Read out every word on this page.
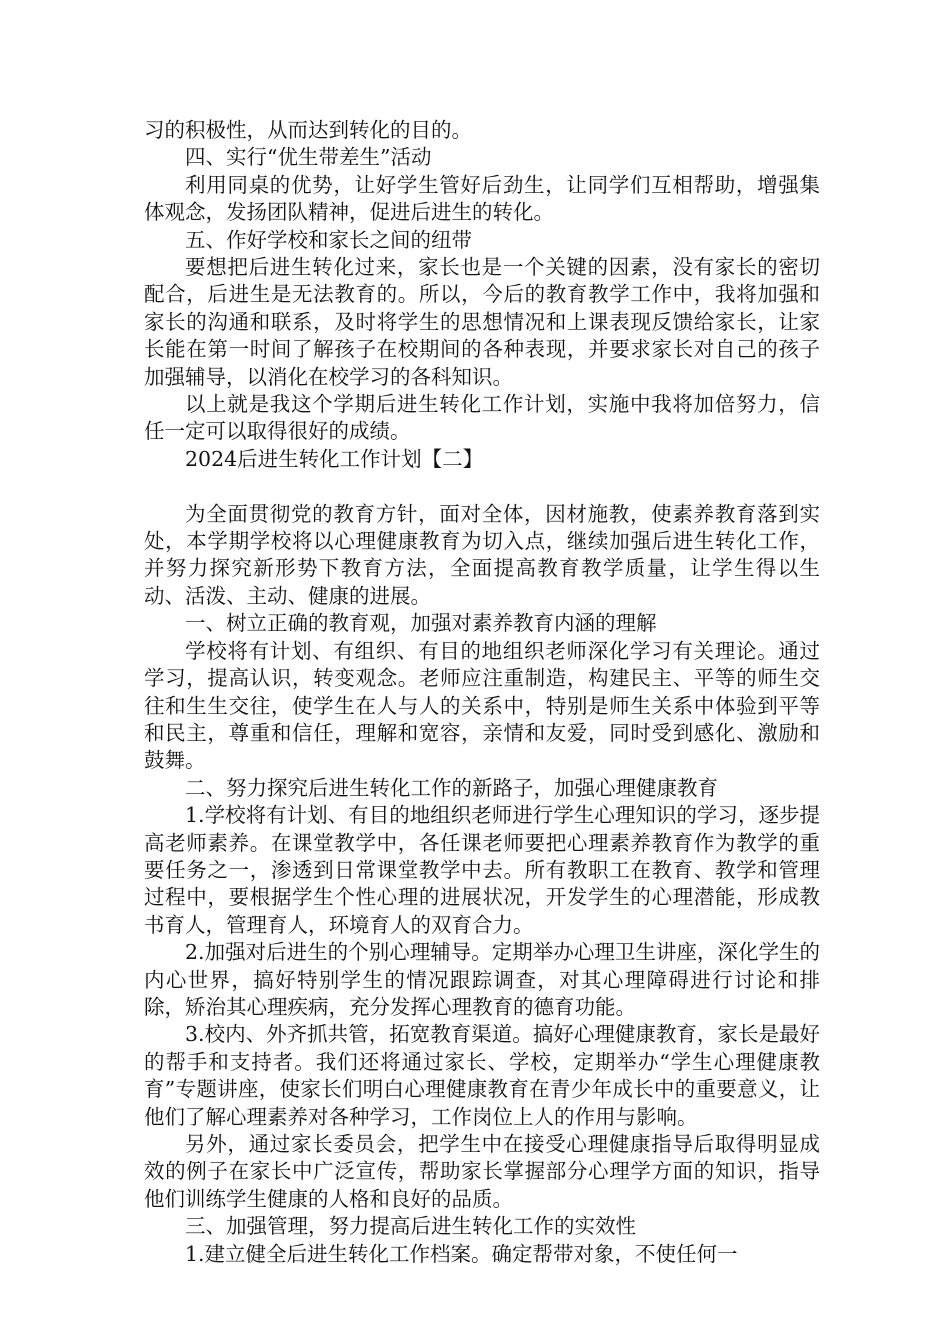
习的积极性，从而达到转化的目的。

四、实行“优生带差生”活动

利用同桌的优势，让好学生管好后劲生，让同学们互相帮助，增强集体观念，发扬团队精神，促进后进生的转化。

五、作好学校和家长之间的纽带

要想把后进生转化过来，家长也是一个关键的因素，没有家长的密切配合，后进生是无法教育的。所以，今后的教育教学工作中，我将加强和家长的沟通和联系，及时将学生的思想情况和上课表现反馈给家长，让家长能在第一时间了解孩子在校期间的各种表现，并要求家长对自己的孩子加强辅导，以消化在校学习的各科知识。

以上就是我这个学期后进生转化工作计划，实施中我将加倍努力，信任一定可以取得很好的成绩。

2024后进生转化工作计划【二】

为全面贯彻党的教育方针，面对全体，因材施教，使素养教育落到实处，本学期学校将以心理健康教育为切入点，继续加强后进生转化工作，并努力探究新形势下教育方法，全面提高教育教学质量，让学生得以生动、活泼、主动、健康的进展。

一、树立正确的教育观，加强对素养教育内涵的理解

学校将有计划、有组织、有目的地组织老师深化学习有关理论。通过学习，提高认识，转变观念。老师应注重制造，构建民主、平等的师生交往和生生交往，使学生在人与人的关系中，特别是师生关系中体验到平等和民主，尊重和信任，理解和宽容，亲情和友爱，同时受到感化、激励和鼓舞。

二、努力探究后进生转化工作的新路子，加强心理健康教育

1.学校将有计划、有目的地组织老师进行学生心理知识的学习，逐步提高老师素养。在课堂教学中，各任课老师要把心理素养教育作为教学的重要任务之一，渗透到日常课堂教学中去。所有教职工在教育、教学和管理过程中，要根据学生个性心理的进展状况，开发学生的心理潜能，形成教书育人，管理育人，环境育人的双育合力。

2.加强对后进生的个别心理辅导。定期举办心理卫生讲座，深化学生的内心世界，搞好特别学生的情况跟踪调查，对其心理障碍进行讨论和排除，矫治其心理疾病，充分发挥心理教育的德育功能。

3.校内、外齐抓共管，拓宽教育渠道。搞好心理健康教育，家长是最好的帮手和支持者。我们还将通过家长、学校，定期举办“学生心理健康教育”专题讲座，使家长们明白心理健康教育在青少年成长中的重要意义，让他们了解心理素养对各种学习，工作岗位上人的作用与影响。

另外，通过家长委员会，把学生中在接受心理健康指导后取得明显成效的例子在家长中广泛宣传，帮助家长掌握部分心理学方面的知识，指导他们训练学生健康的人格和良好的品质。

三、加强管理，努力提高后进生转化工作的实效性

1.建立健全后进生转化工作档案。确定帮带对象，不使任何一
